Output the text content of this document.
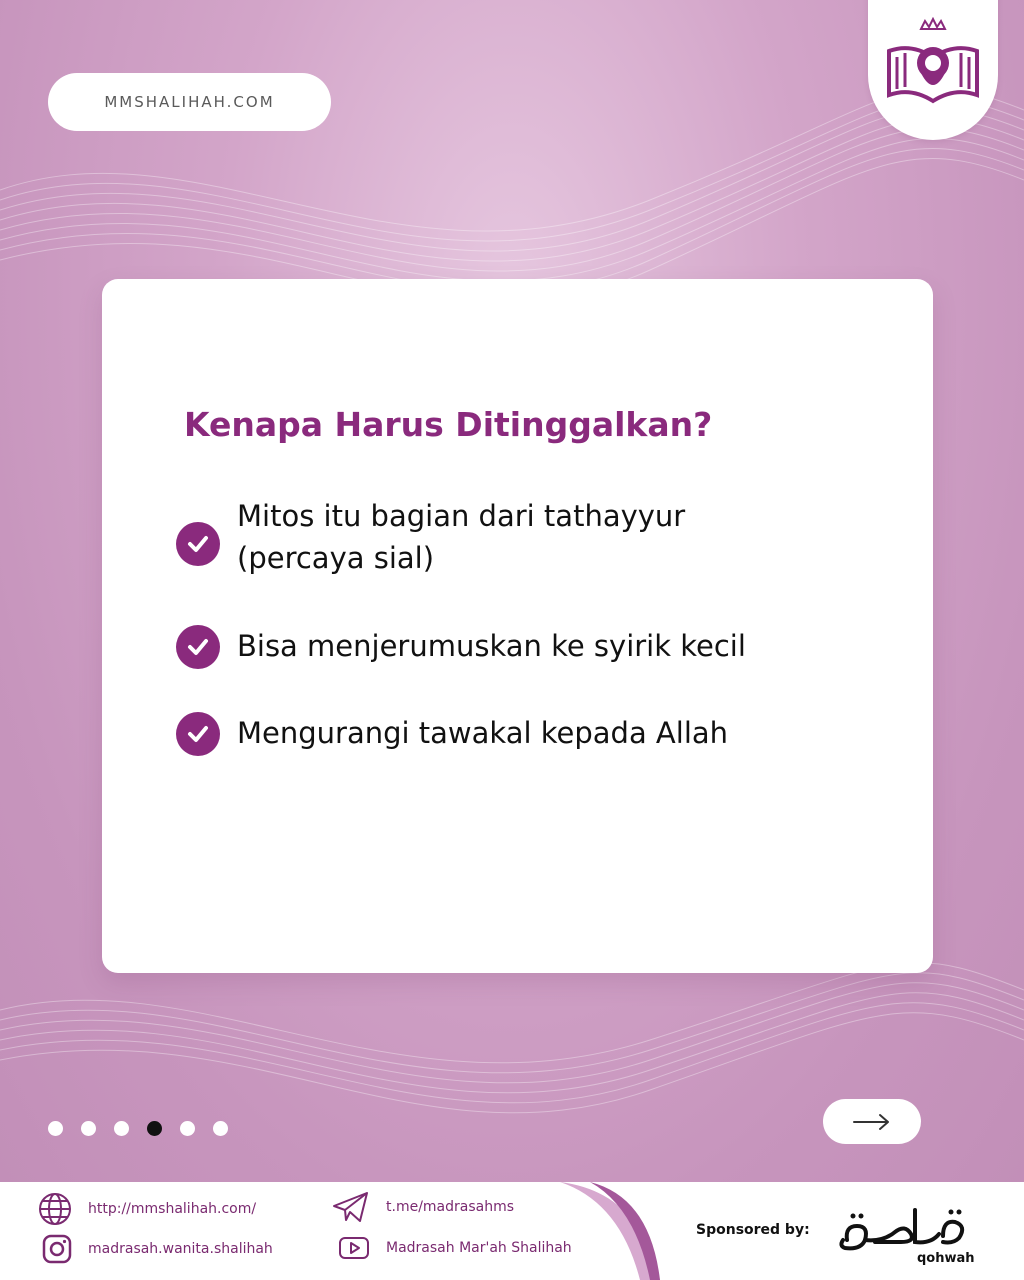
MMSHALIHAH.COM
Kenapa Harus Ditinggalkan?
Mitos itu bagian dari tathayyur (percaya sial)
Bisa menjerumuskan ke syirik kecil
Mengurangi tawakal kepada Allah
http://mmshalihah.com/
madrasah.wanita.shalihah
t.me/madrasahms
Madrasah Mar'ah Shalihah
Sponsored by:
qohwah
